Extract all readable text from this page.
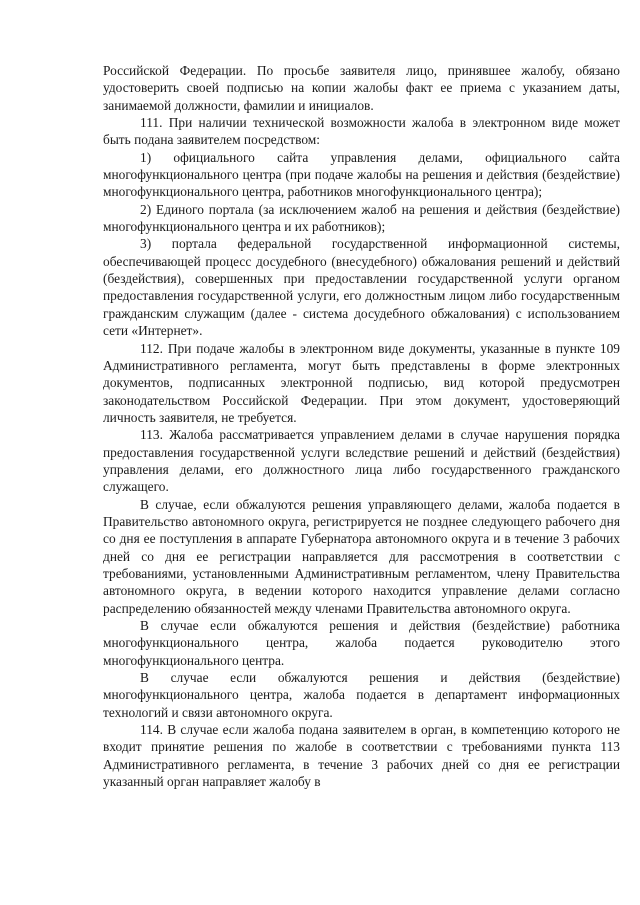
Российской Федерации. По просьбе заявителя лицо, принявшее жалобу, обязано удостоверить своей подписью на копии жалобы факт ее приема с указанием даты, занимаемой должности, фамилии и инициалов.

111. При наличии технической возможности жалоба в электронном виде может быть подана заявителем посредством:

1) официального сайта управления делами, официального сайта многофункционального центра (при подаче жалобы на решения и действия (бездействие) многофункционального центра, работников многофункционального центра);

2) Единого портала (за исключением жалоб на решения и действия (бездействие) многофункционального центра и их работников);

3) портала федеральной государственной информационной системы, обеспечивающей процесс досудебного (внесудебного) обжалования решений и действий (бездействия), совершенных при предоставлении государственной услуги органом предоставления государственной услуги, его должностным лицом либо государственным гражданским служащим (далее - система досудебного обжалования) с использованием сети «Интернет».

112. При подаче жалобы в электронном виде документы, указанные в пункте 109 Административного регламента, могут быть представлены в форме электронных документов, подписанных электронной подписью, вид которой предусмотрен законодательством Российской Федерации. При этом документ, удостоверяющий личность заявителя, не требуется.

113. Жалоба рассматривается управлением делами в случае нарушения порядка предоставления государственной услуги вследствие решений и действий (бездействия) управления делами, его должностного лица либо государственного гражданского служащего.

В случае, если обжалуются решения управляющего делами, жалоба подается в Правительство автономного округа, регистрируется не позднее следующего рабочего дня со дня ее поступления в аппарате Губернатора автономного округа и в течение 3 рабочих дней со дня ее регистрации направляется для рассмотрения в соответствии с требованиями, установленными Административным регламентом, члену Правительства автономного округа, в ведении которого находится управление делами согласно распределению обязанностей между членами Правительства автономного округа.

В случае если обжалуются решения и действия (бездействие) работника многофункционального центра, жалоба подается руководителю этого многофункционального центра.

В случае если обжалуются решения и действия (бездействие) многофункционального центра, жалоба подается в департамент информационных технологий и связи автономного округа.

114. В случае если жалоба подана заявителем в орган, в компетенцию которого не входит принятие решения по жалобе в соответствии с требованиями пункта 113 Административного регламента, в течение 3 рабочих дней со дня ее регистрации указанный орган направляет жалобу в
